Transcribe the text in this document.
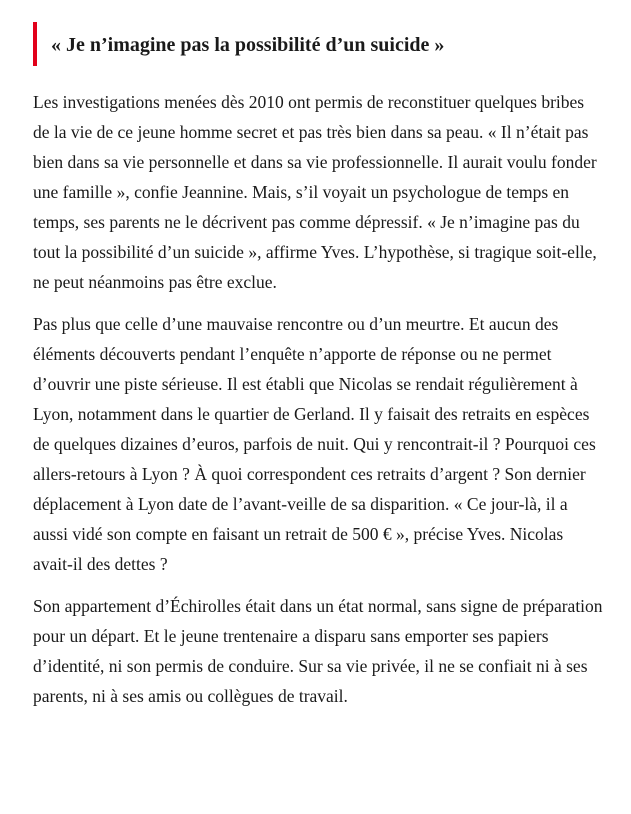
« Je n’imagine pas la possibilité d’un suicide »

Les investigations menées dès 2010 ont permis de reconstituer quelques bribes de la vie de ce jeune homme secret et pas très bien dans sa peau. « Il n’était pas bien dans sa vie personnelle et dans sa vie professionnelle. Il aurait voulu fonder une famille », confie Jeannine. Mais, s’il voyait un psychologue de temps en temps, ses parents ne le décrivent pas comme dépressif. « Je n’imagine pas du tout la possibilité d’un suicide », affirme Yves. L’hypothèse, si tragique soit-elle, ne peut néanmoins pas être exclue.

Pas plus que celle d’une mauvaise rencontre ou d’un meurtre. Et aucun des éléments découverts pendant l’enquête n’apporte de réponse ou ne permet d’ouvrir une piste sérieuse. Il est établi que Nicolas se rendait régulièrement à Lyon, notamment dans le quartier de Gerland. Il y faisait des retraits en espèces de quelques dizaines d’euros, parfois de nuit. Qui y rencontrait-il ? Pourquoi ces allers-retours à Lyon ? À quoi correspondent ces retraits d’argent ? Son dernier déplacement à Lyon date de l’avant-veille de sa disparition. « Ce jour-là, il a aussi vidé son compte en faisant un retrait de 500 € », précise Yves. Nicolas avait-il des dettes ?

Son appartement d’Échirolles était dans un état normal, sans signe de préparation pour un départ. Et le jeune trentenaire a disparu sans emporter ses papiers d’identité, ni son permis de conduire. Sur sa vie privée, il ne se confiait ni à ses parents, ni à ses amis ou collègues de travail.
